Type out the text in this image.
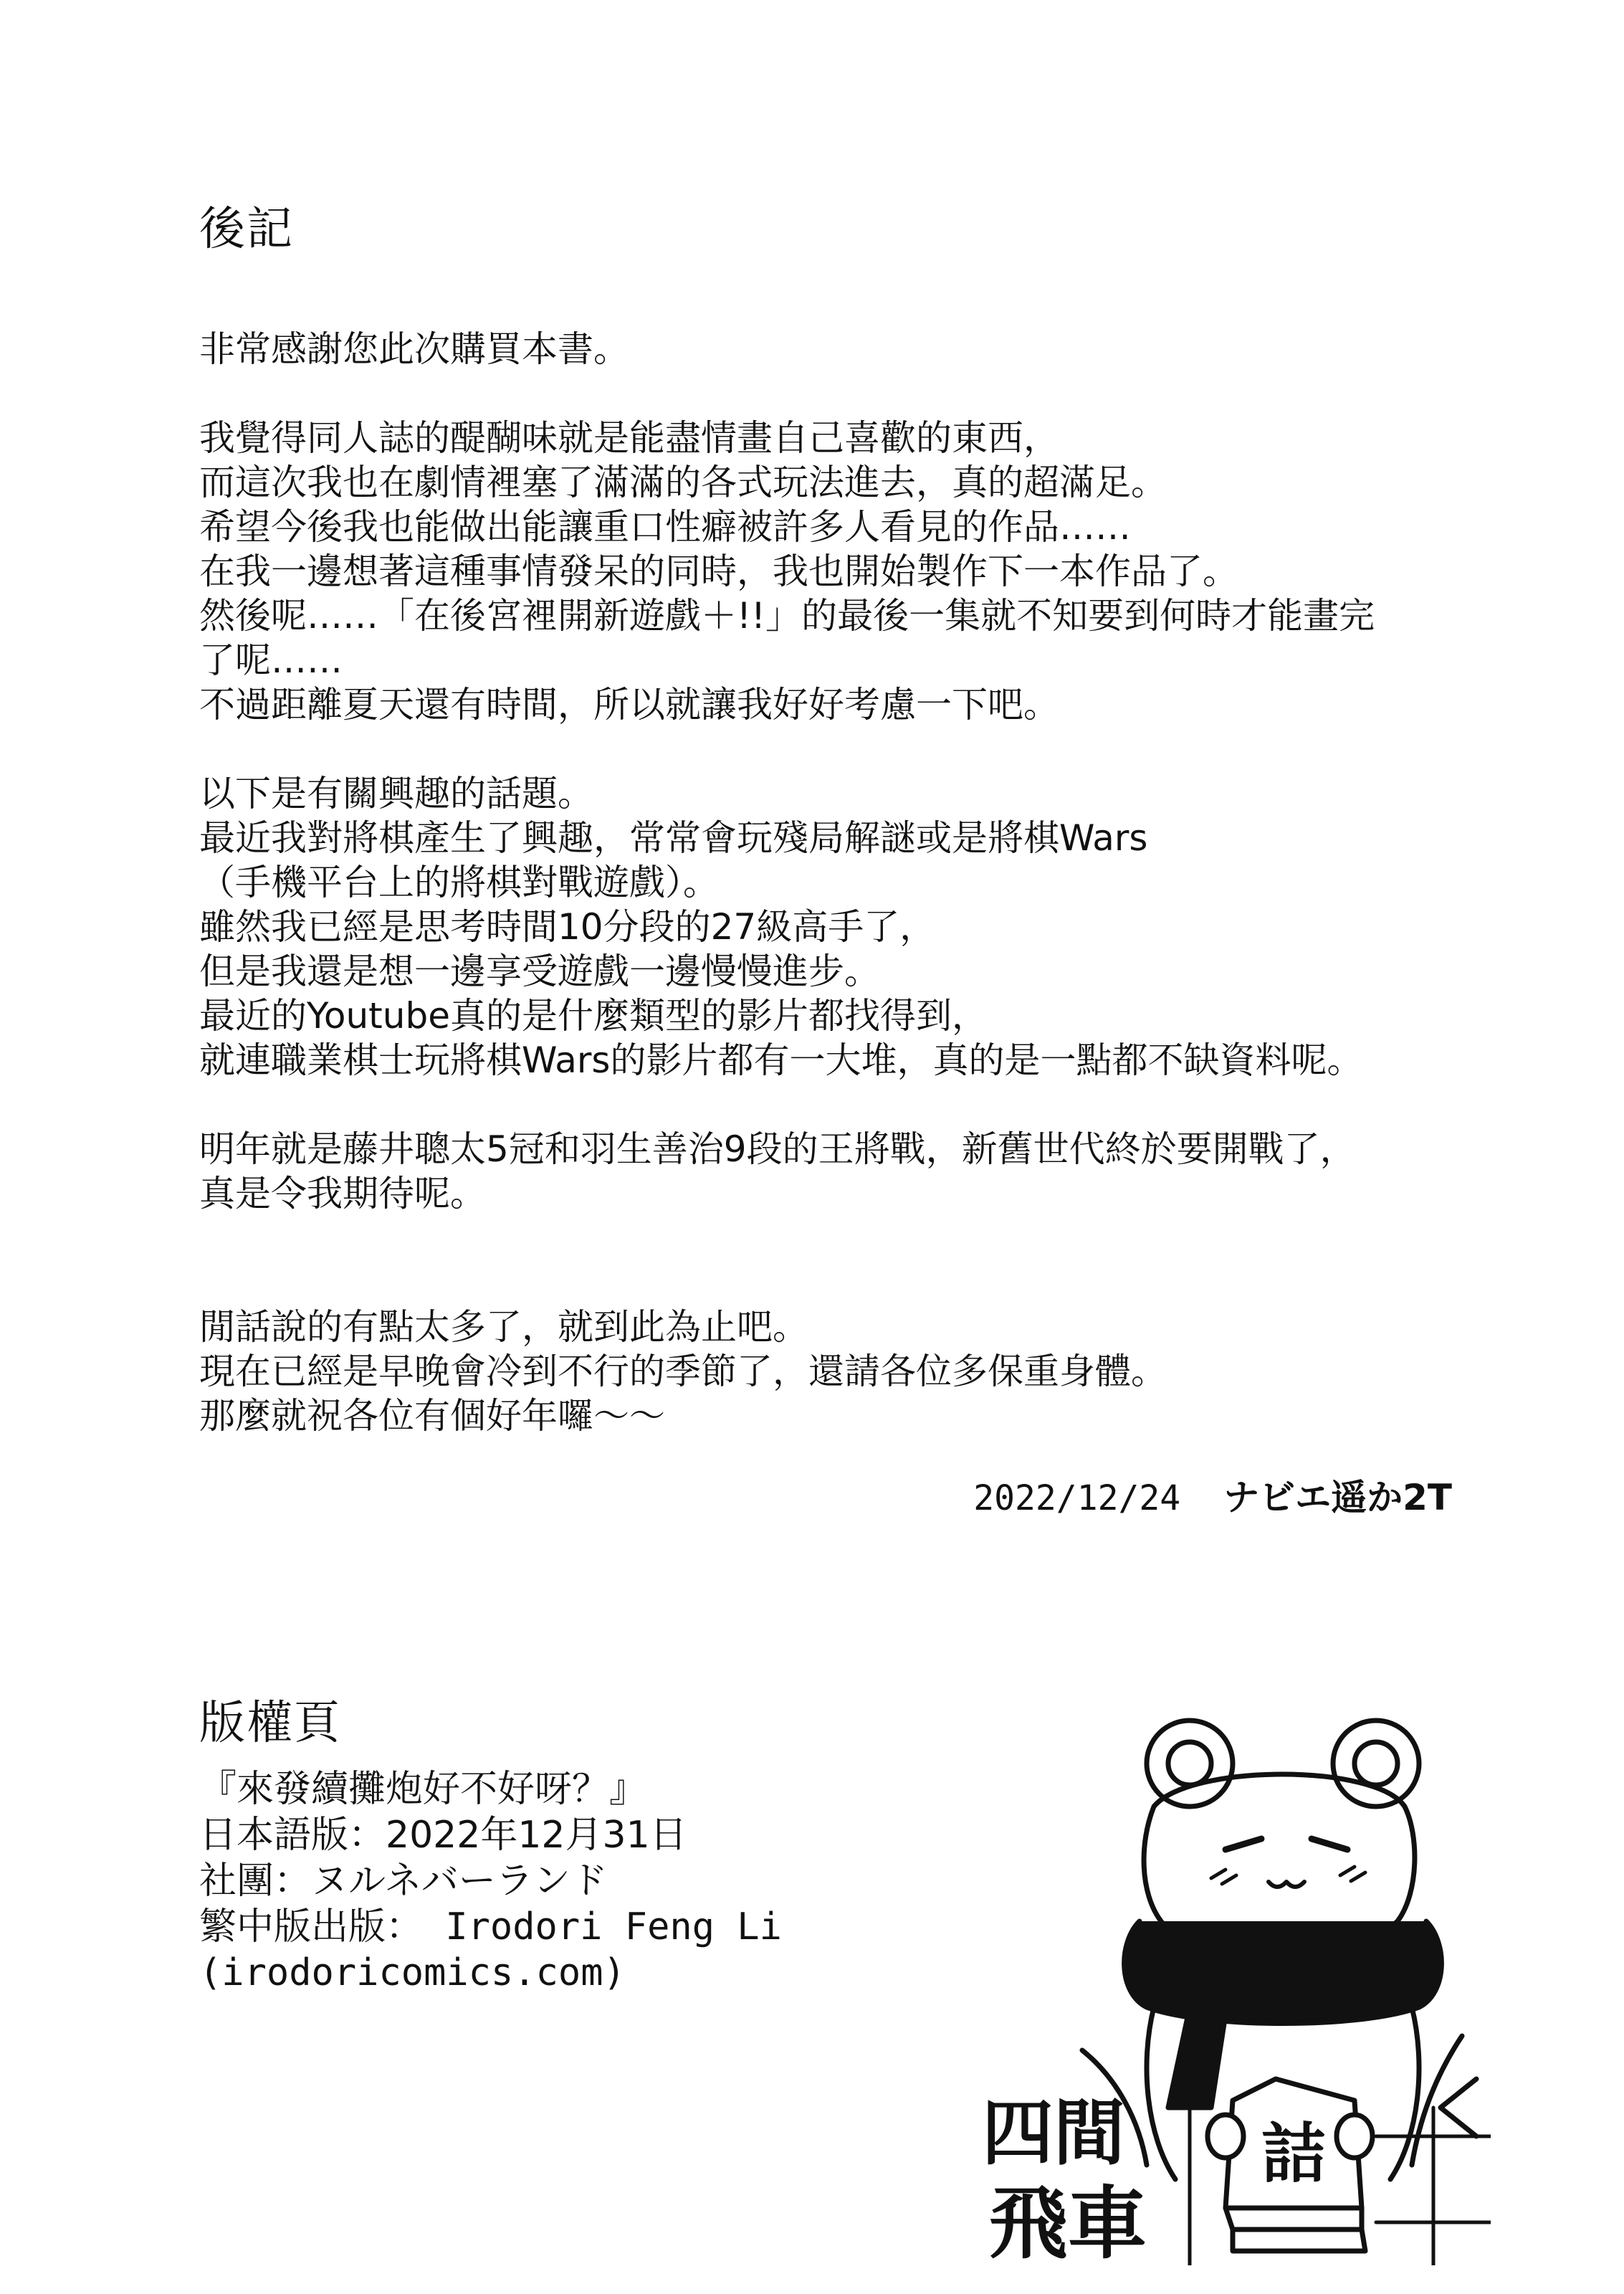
後記
非常感謝您此次購買本書。
我覺得同人誌的醍醐味就是能盡情畫自己喜歡的東西，
而這次我也在劇情裡塞了滿滿的各式玩法進去，真的超滿足。
希望今後我也能做出能讓重口性癖被許多人看見的作品……
在我一邊想著這種事情發呆的同時，我也開始製作下一本作品了。
然後呢……「在後宮裡開新遊戲＋!!」的最後一集就不知要到何時才能畫完
了呢……
不過距離夏天還有時間，所以就讓我好好考慮一下吧。
以下是有關興趣的話題。
最近我對將棋產生了興趣，常常會玩殘局解謎或是將棋Wars
（手機平台上的將棋對戰遊戲）。
雖然我已經是思考時間10分段的27級高手了，
但是我還是想一邊享受遊戲一邊慢慢進步。
最近的Youtube真的是什麼類型的影片都找得到，
就連職業棋士玩將棋Wars的影片都有一大堆，真的是一點都不缺資料呢。
明年就是藤井聰太5冠和羽生善治9段的王將戰，新舊世代終於要開戰了，
真是令我期待呢。
閒話說的有點太多了，就到此為止吧。
現在已經是早晚會冷到不行的季節了，還請各位多保重身體。
那麼就祝各位有個好年囉～～
2022/12/24 ナビエ遥か2T
版權頁
『來發續攤炮好不好呀？』
日本語版：2022年12月31日
社團：ヌルネバーランド
繁中版出版： Irodori Feng Li
(irodoricomics.com)
詰
四間
飛車
